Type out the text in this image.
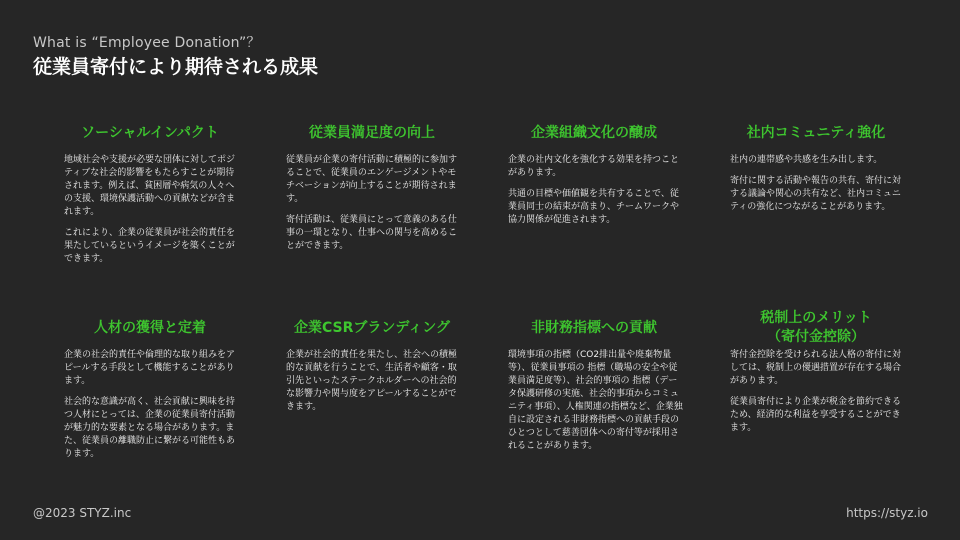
What is “Employee Donation”？
従業員寄付により期待される成果
ソーシャルインパクト

地域社会や支援が必要な団体に対してポジティブな社会的影響をもたらすことが期待されます。例えば、貧困層や病気の人々への支援、環境保護活動への貢献などが含まれます。

これにより、企業の従業員が社会的責任を果たしているというイメージを築くことができます。

従業員満足度の向上

従業員が企業の寄付活動に積極的に参加することで、従業員のエンゲージメントやモチベーションが向上することが期待されます。

寄付活動は、従業員にとって意義のある仕事の一環となり、仕事への関与を高めることができます。

企業組織文化の醸成

企業の社内文化を強化する効果を持つことがあります。

共通の目標や価値観を共有することで、従業員同士の結束が高まり、チームワークや協力関係が促進されます。

社内コミュニティ強化

社内の連帯感や共感を生み出します。

寄付に関する活動や報告の共有、寄付に対する議論や関心の共有など、社内コミュニティの強化につながることがあります。

人材の獲得と定着

企業の社会的責任や倫理的な取り組みをアピールする手段として機能することがあります。

社会的な意識が高く、社会貢献に興味を持つ人材にとっては、企業の従業員寄付活動が魅力的な要素となる場合があります。また、従業員の離職防止に繋がる可能性もあります。

企業CSRブランディング

企業が社会的責任を果たし、社会への積極的な貢献を行うことで、生活者や顧客・取引先といったステークホルダーへの社会的な影響力や関与度をアピールすることができます。

非財務指標への貢献

環境事項の指標（CO2排出量や廃棄物量等）、従業員事項の 指標（職場の安全や従業員満足度等）、社会的事項の 指標（データ保護研修の実施、社会的事項からコミュニティ事項）、人権関連の指標など、企業独自に設定される非財務指標への貢献手段のひとつとして慈善団体への寄付等が採用されることがあります。

税制上のメリット
（寄付金控除）

寄付金控除を受けられる法人格の寄付に対しては、税制上の優遇措置が存在する場合があります。

従業員寄付により企業が税金を節約できるため、経済的な利益を享受することができます。

@2023 STYZ.inc	https://styz.io
